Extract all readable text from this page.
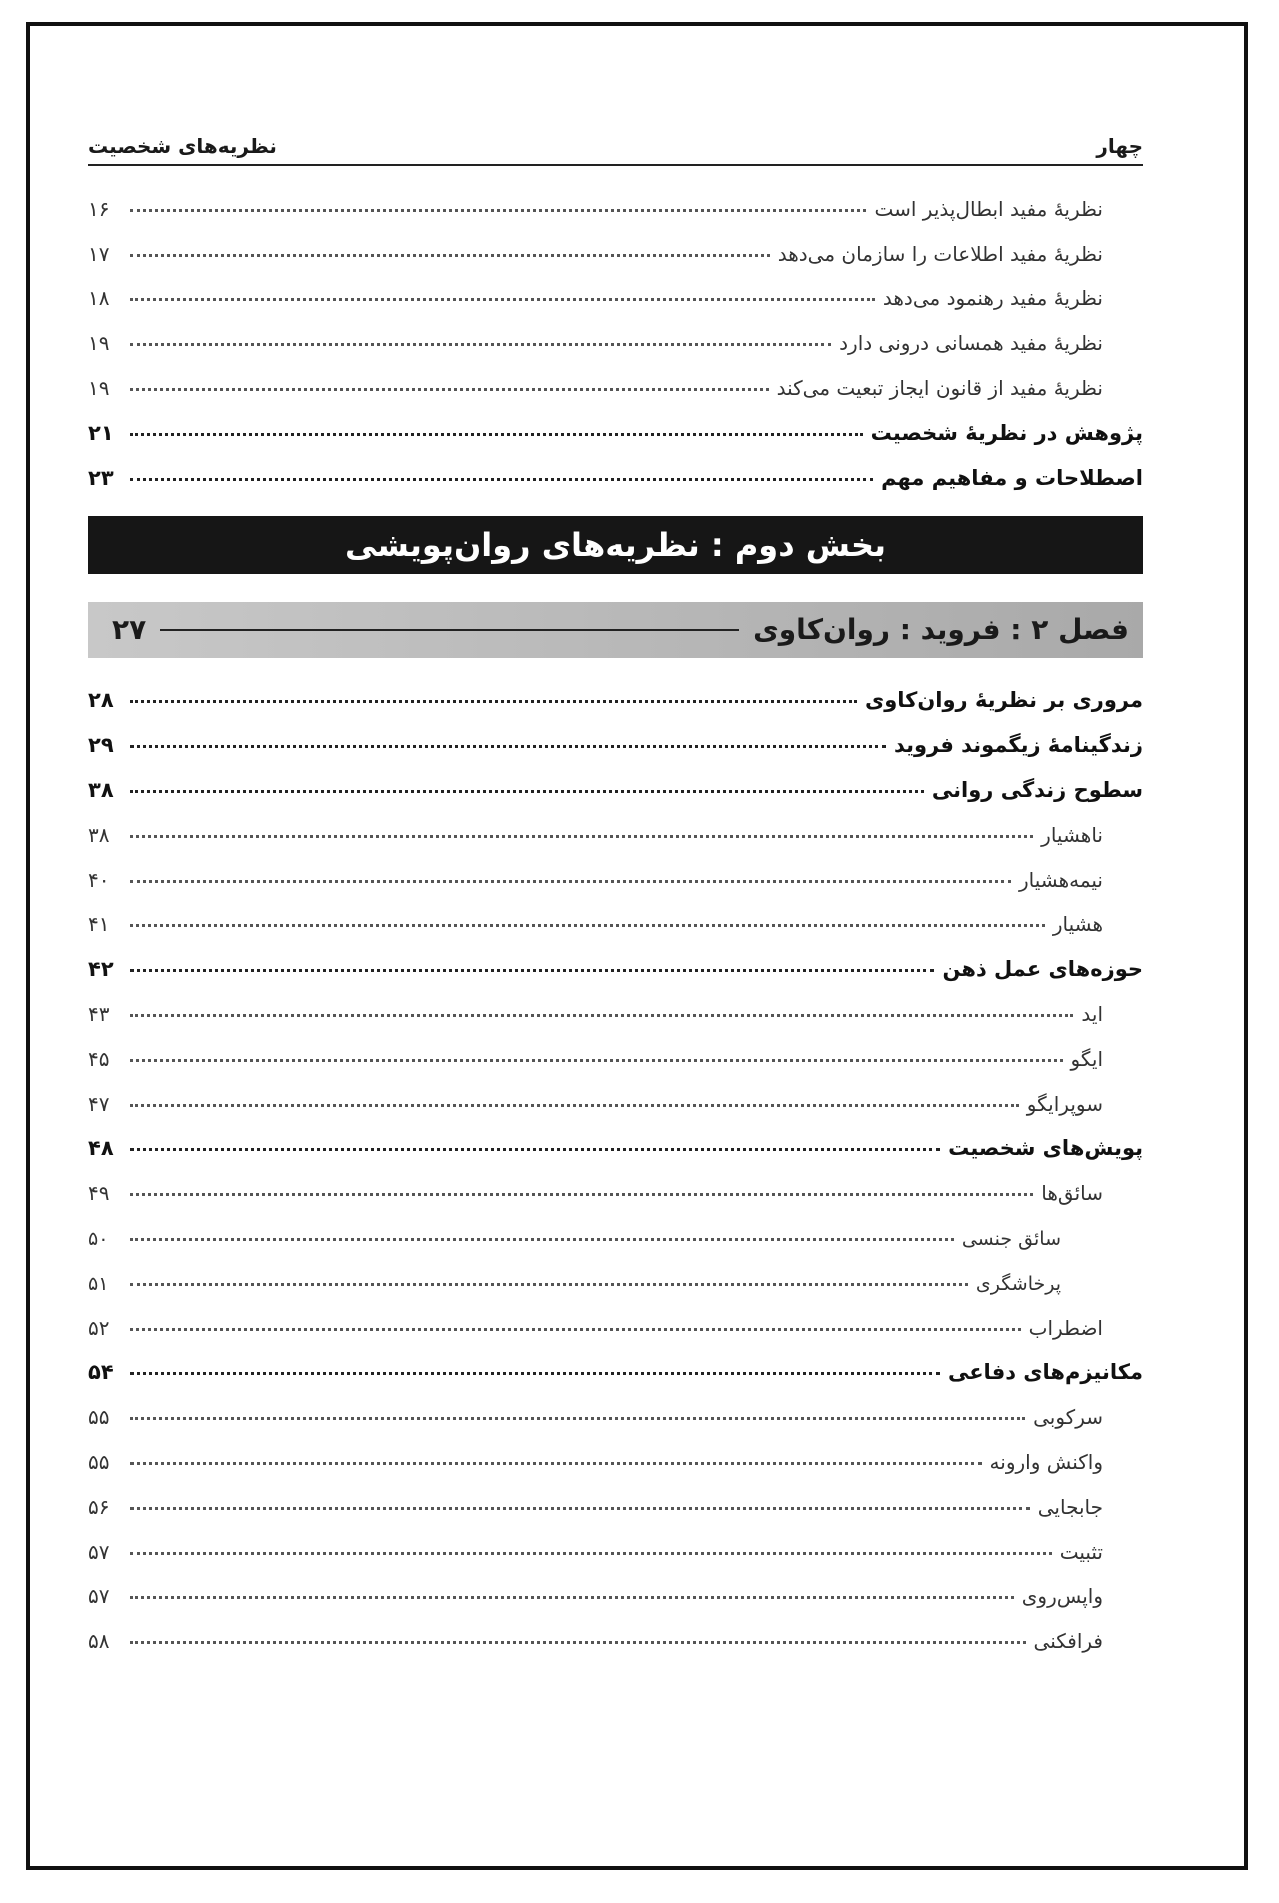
چهار
نظریه‌های شخصیت
نظریهٔ مفید ابطال‌پذیر است
۱۶
نظریهٔ مفید اطلاعات را سازمان می‌دهد
۱۷
نظریهٔ مفید رهنمود می‌دهد
۱۸
نظریهٔ مفید همسانی درونی دارد
۱۹
نظریهٔ مفید از قانون ایجاز تبعیت می‌کند
۱۹
پژوهش در نظریهٔ شخصیت
۲۱
اصطلاحات و مفاهیم مهم
۲۳
بخش دوم : نظریه‌های روان‌پویشی
فصل ۲ : فروید : روان‌کاوی
۲۷
مروری بر نظریهٔ روان‌کاوی
۲۸
زندگینامهٔ زیگموند فروید
۲۹
سطوح زندگی روانی
۳۸
ناهشیار
۳۸
نیمه‌هشیار
۴۰
هشیار
۴۱
حوزه‌های عمل ذهن
۴۲
اید
۴۳
ایگو
۴۵
سوپرایگو
۴۷
پویش‌های شخصیت
۴۸
سائق‌ها
۴۹
سائق جنسی
۵۰
پرخاشگری
۵۱
اضطراب
۵۲
مکانیزم‌های دفاعی
۵۴
سرکوبی
۵۵
واکنش وارونه
۵۵
جابجایی
۵۶
تثبیت
۵۷
واپس‌روی
۵۷
فرافکنی
۵۸
